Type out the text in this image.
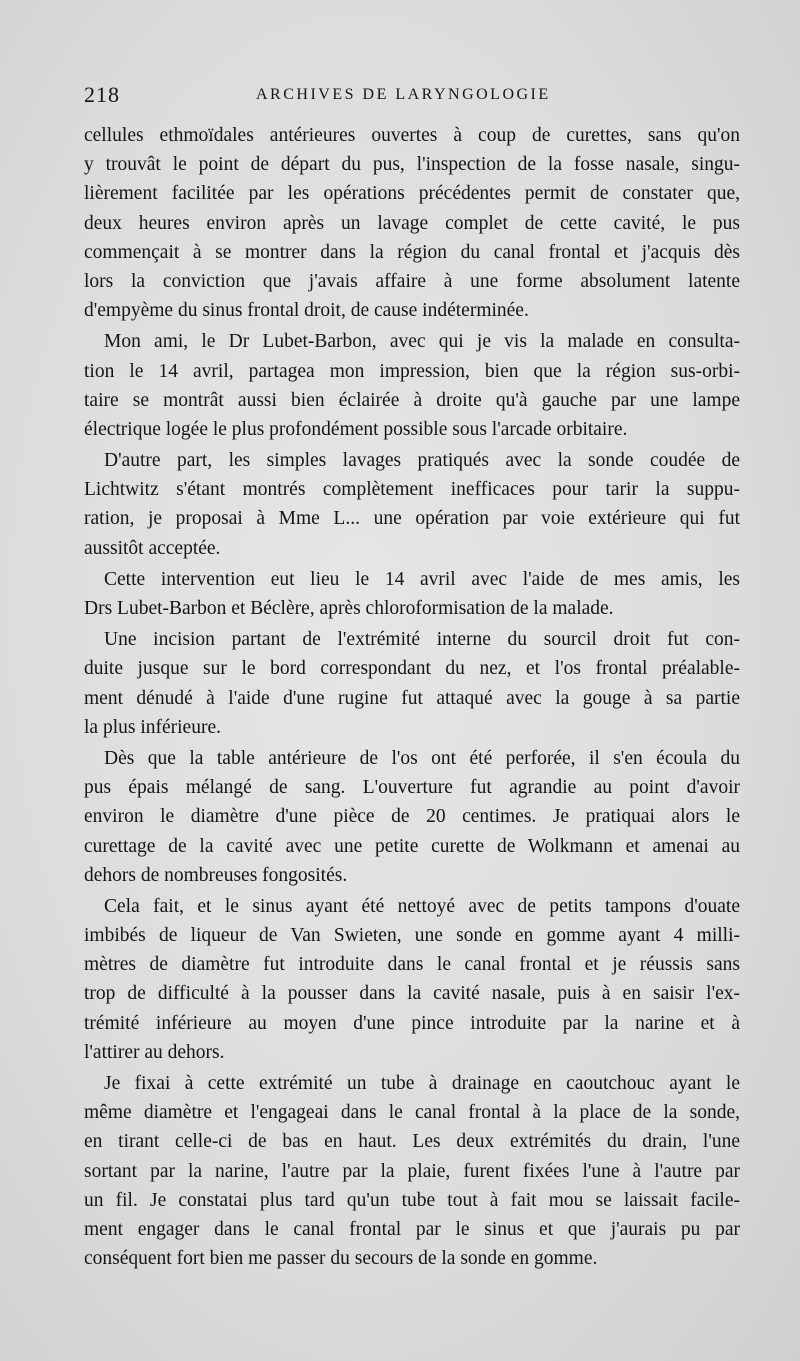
218	ARCHIVES DE LARYNGOLOGIE
cellules ethmoïdales antérieures ouvertes à coup de curettes, sans qu'on
y trouvât le point de départ du pus, l'inspection de la fosse nasale, singu-
lièrement facilitée par les opérations précédentes permit de constater que,
deux heures environ après un lavage complet de cette cavité, le pus
commençait à se montrer dans la région du canal frontal et j'acquis dès
lors la conviction que j'avais affaire à une forme absolument latente
d'empyème du sinus frontal droit, de cause indéterminée.
Mon ami, le Dr Lubet-Barbon, avec qui je vis la malade en consulta-
tion le 14 avril, partagea mon impression, bien que la région sus-orbi-
taire se montrât aussi bien éclairée à droite qu'à gauche par une lampe
électrique logée le plus profondément possible sous l'arcade orbitaire.
D'autre part, les simples lavages pratiqués avec la sonde coudée de
Lichtwitz s'étant montrés complètement inefficaces pour tarir la suppu-
ration, je proposai à Mme L... une opération par voie extérieure qui fut
aussitôt acceptée.
Cette intervention eut lieu le 14 avril avec l'aide de mes amis, les
Drs Lubet-Barbon et Béclère, après chloroformisation de la malade.
Une incision partant de l'extrémité interne du sourcil droit fut con-
duite jusque sur le bord correspondant du nez, et l'os frontal préalable-
ment dénudé à l'aide d'une rugine fut attaqué avec la gouge à sa partie
la plus inférieure.
Dès que la table antérieure de l'os ont été perforée, il s'en écoula du
pus épais mélangé de sang. L'ouverture fut agrandie au point d'avoir
environ le diamètre d'une pièce de 20 centimes. Je pratiquai alors le
curettage de la cavité avec une petite curette de Wolkmann et amenai au
dehors de nombreuses fongosités.
Cela fait, et le sinus ayant été nettoyé avec de petits tampons d'ouate
imbibés de liqueur de Van Swieten, une sonde en gomme ayant 4 milli-
mètres de diamètre fut introduite dans le canal frontal et je réussis sans
trop de difficulté à la pousser dans la cavité nasale, puis à en saisir l'ex-
trémité inférieure au moyen d'une pince introduite par la narine et à
l'attirer au dehors.
Je fixai à cette extrémité un tube à drainage en caoutchouc ayant le
même diamètre et l'engageai dans le canal frontal à la place de la sonde,
en tirant celle-ci de bas en haut. Les deux extrémités du drain, l'une
sortant par la narine, l'autre par la plaie, furent fixées l'une à l'autre par
un fil. Je constatai plus tard qu'un tube tout à fait mou se laissait facile-
ment engager dans le canal frontal par le sinus et que j'aurais pu par
conséquent fort bien me passer du secours de la sonde en gomme.
